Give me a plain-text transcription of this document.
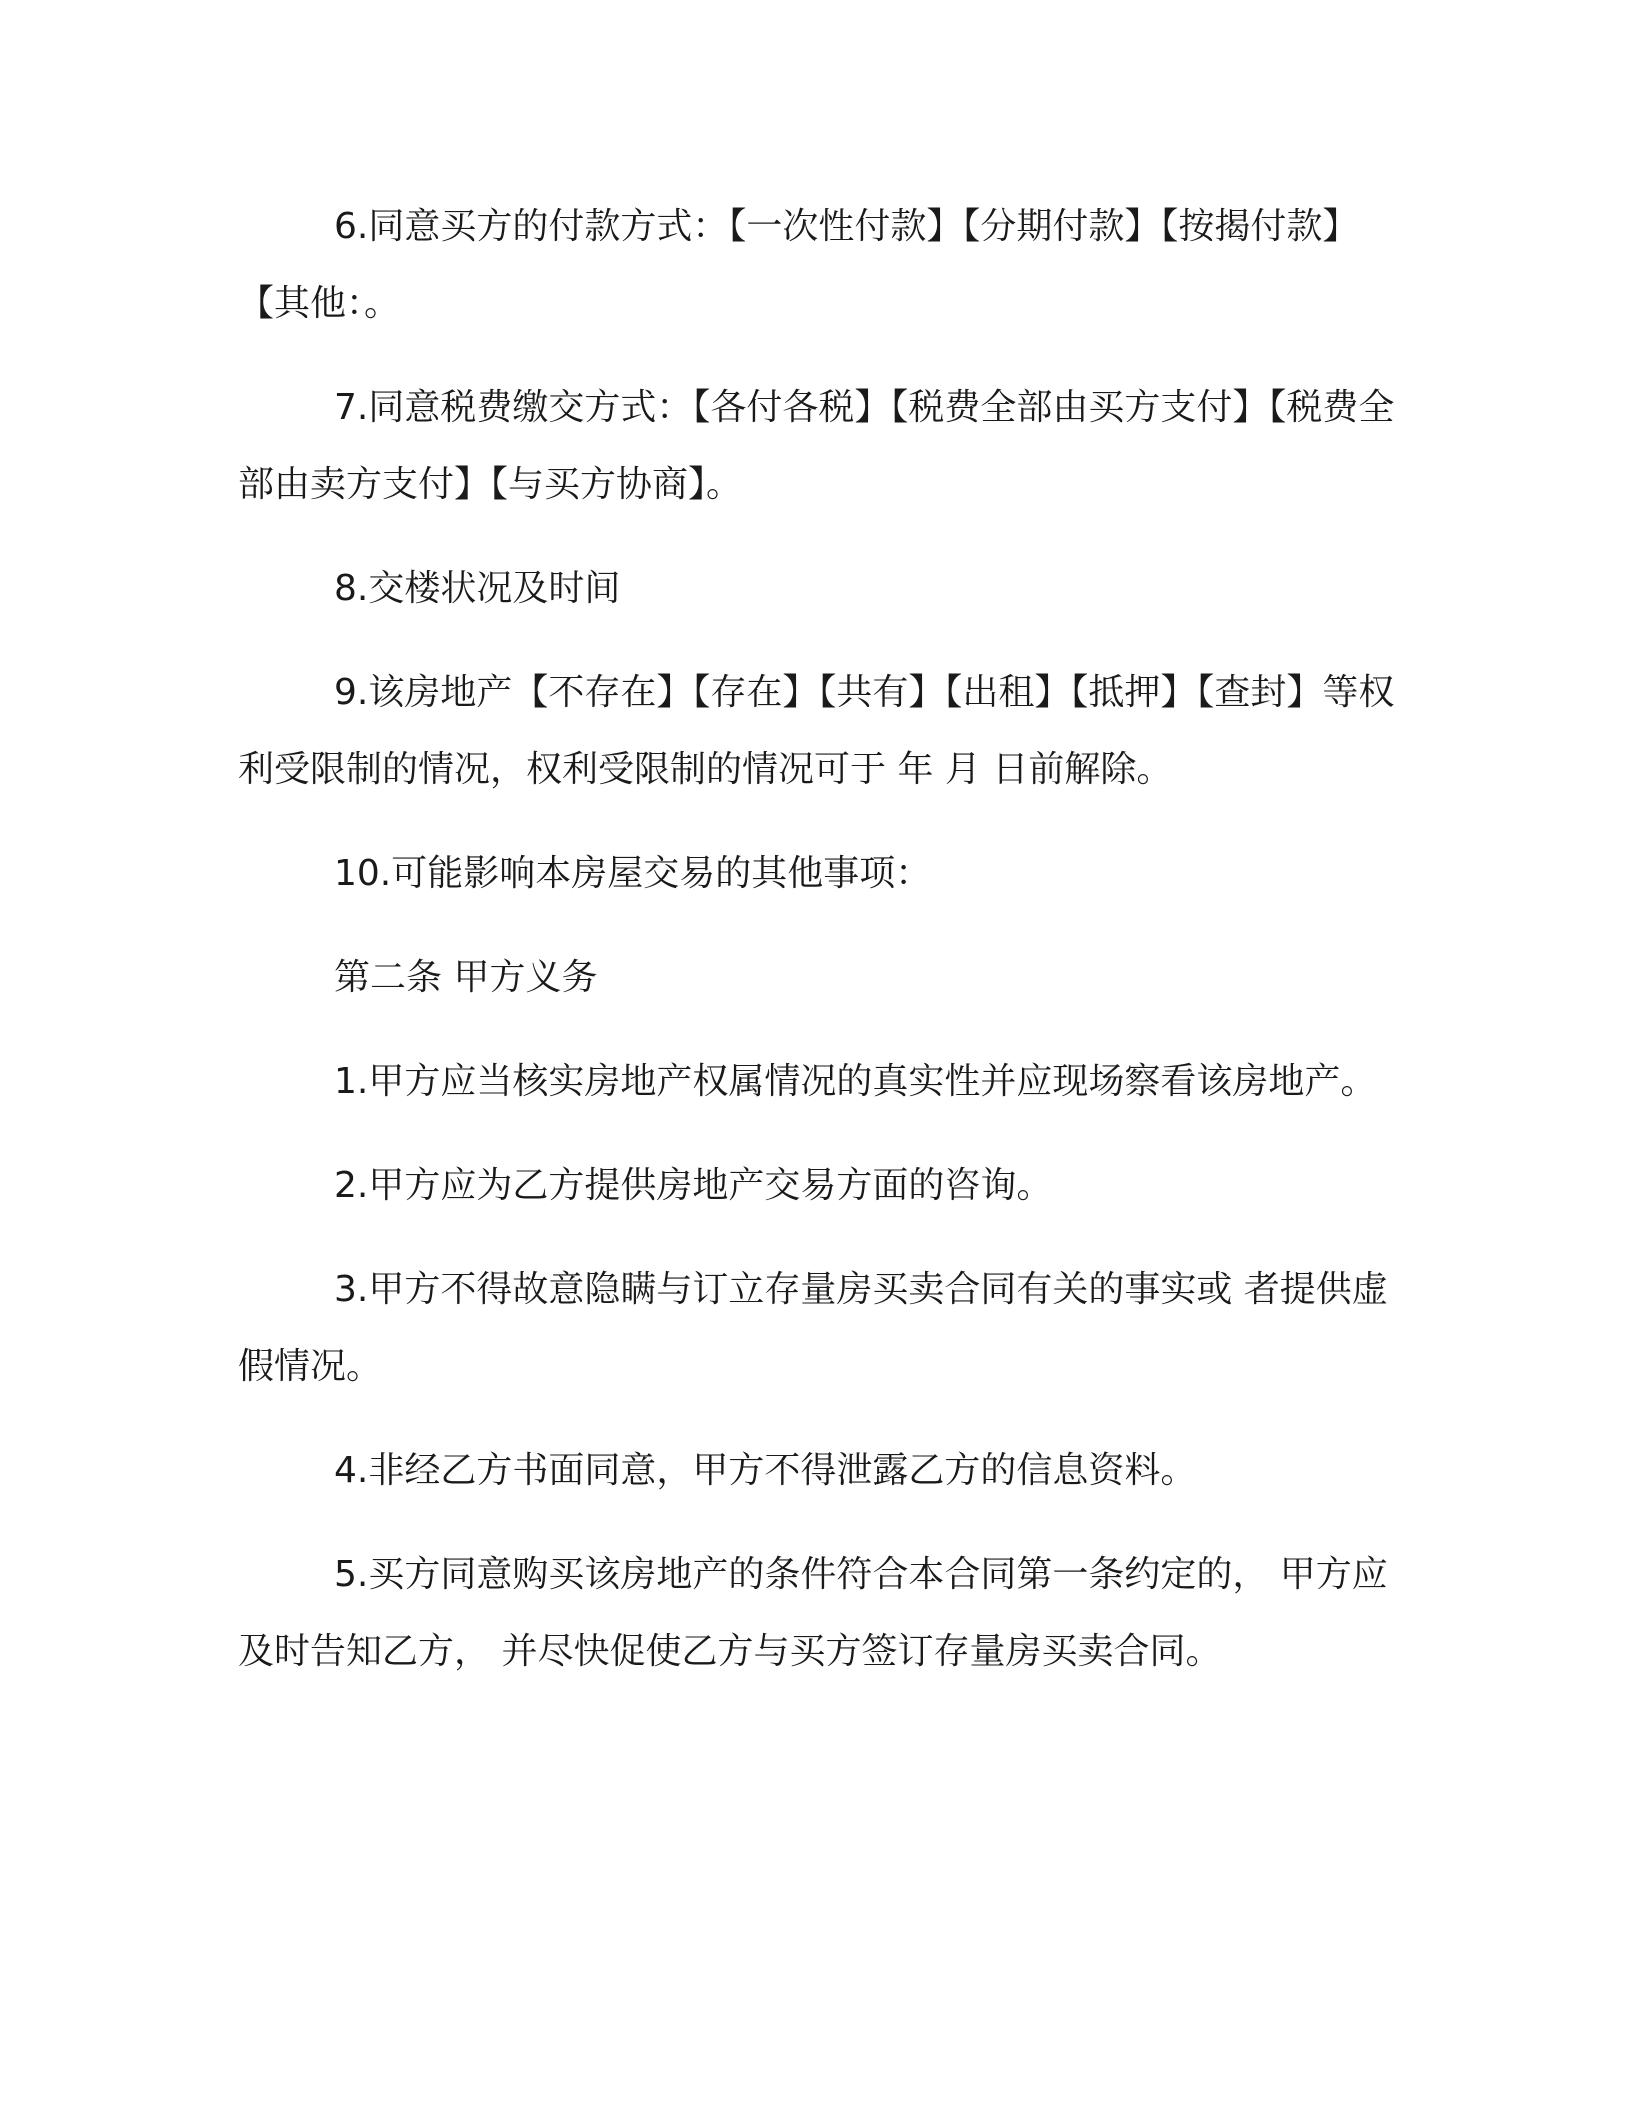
6.同意买方的付款方式：【一次性付款】【分期付款】【按揭付款】【其他：。

7.同意税费缴交方式：【各付各税】【税费全部由买方支付】【税费全部由卖方支付】【与买方协商】。

8.交楼状况及时间

9.该房地产【不存在】【存在】【共有】【出租】【抵押】【查封】等权利受限制的情况，权利受限制的情况可于 年 月 日前解除。

10.可能影响本房屋交易的其他事项：

第二条 甲方义务

1.甲方应当核实房地产权属情况的真实性并应现场察看该房地产。

2.甲方应为乙方提供房地产交易方面的咨询。

3.甲方不得故意隐瞒与订立存量房买卖合同有关的事实或 者提供虚假情况。

4.非经乙方书面同意，甲方不得泄露乙方的信息资料。

5.买方同意购买该房地产的条件符合本合同第一条约定的， 甲方应及时告知乙方， 并尽快促使乙方与买方签订存量房买卖合同。
